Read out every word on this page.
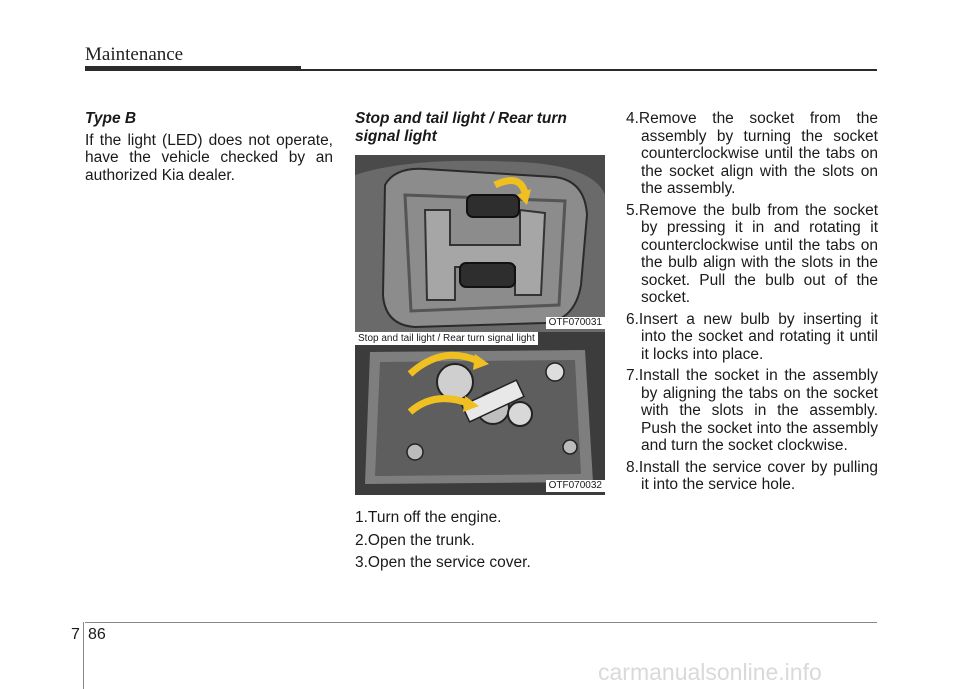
Maintenance

Type B

If the light (LED) does not operate, have the vehicle checked by an authorized Kia dealer.

Stop and tail light / Rear turn signal light

OTF070031
Stop and tail light / Rear turn signal light
OTF070032
1.Turn off the engine.
2.Open the trunk.
3.Open the service cover.

4.Remove the socket from the assembly by turning the socket counterclockwise until the tabs on the socket align with the slots on the assembly.

5.Remove the bulb from the socket by pressing it in and rotating it counterclockwise until the tabs on the bulb align with the slots in the socket. Pull the bulb out of the socket.

6.Insert a new bulb by inserting it into the socket and rotating it until it locks into place.

7.Install the socket in the assembly by aligning the tabs on the socket with the slots in the assembly. Push the socket into the assembly and turn the socket clockwise.

8.Install the service cover by pulling it into the service hole.

7 86
carmanualsonline.info
